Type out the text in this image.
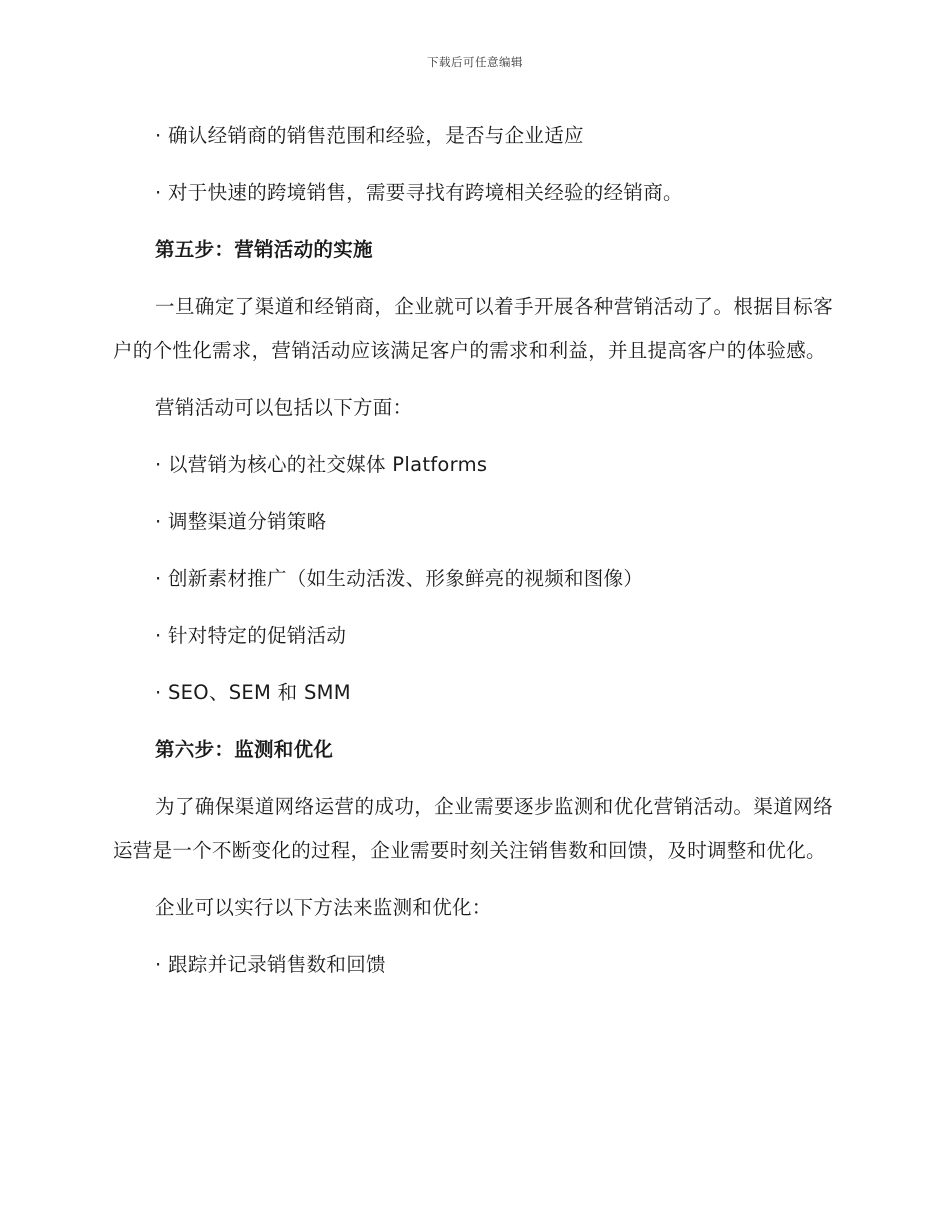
下载后可任意编辑

· 确认经销商的销售范围和经验，是否与企业适应

· 对于快速的跨境销售，需要寻找有跨境相关经验的经销商。

第五步：营销活动的实施

一旦确定了渠道和经销商，企业就可以着手开展各种营销活动了。根据目标客户的个性化需求，营销活动应该满足客户的需求和利益，并且提高客户的体验感。

营销活动可以包括以下方面：

· 以营销为核心的社交媒体 Platforms

· 调整渠道分销策略

· 创新素材推广（如生动活泼、形象鲜亮的视频和图像）

· 针对特定的促销活动

· SEO、SEM 和 SMM

第六步：监测和优化

为了确保渠道网络运营的成功，企业需要逐步监测和优化营销活动。渠道网络运营是一个不断变化的过程，企业需要时刻关注销售数和回馈，及时调整和优化。

企业可以实行以下方法来监测和优化：

· 跟踪并记录销售数和回馈
